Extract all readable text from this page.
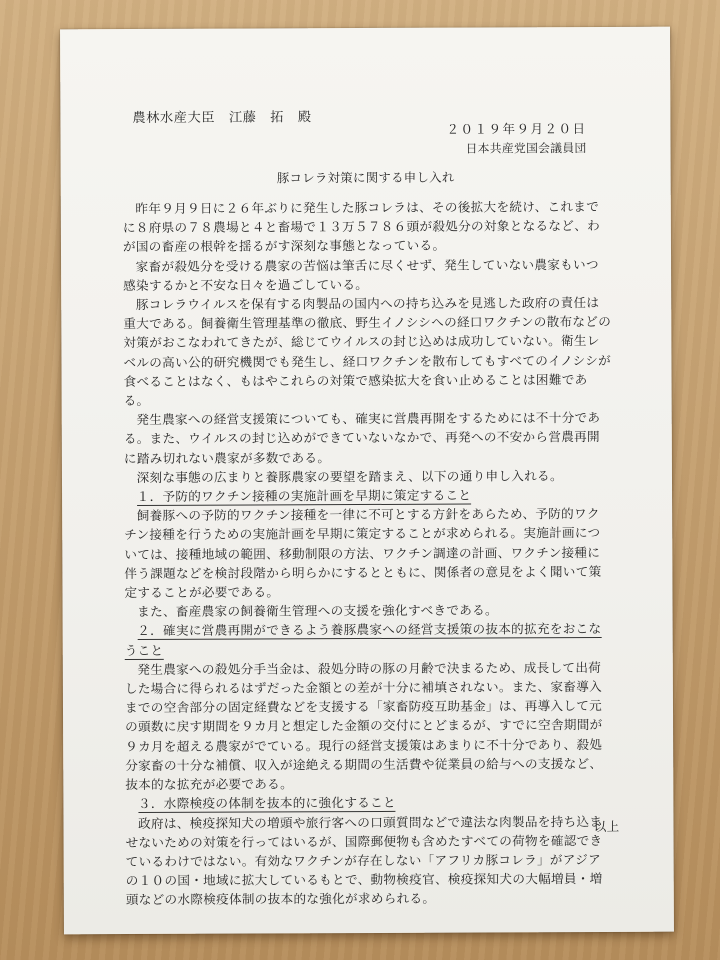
農林水産大臣　江藤　拓　殿
２０１９年９月２０日
日本共産党国会議員団
豚コレラ対策に関する申し入れ

昨年９月９日に２６年ぶりに発生した豚コレラは、その後拡大を続け、これまでに８府県の７８農場と４と畜場で１３万５７８６頭が殺処分の対象となるなど、わが国の畜産の根幹を揺るがす深刻な事態となっている。

家畜が殺処分を受ける農家の苦悩は筆舌に尽くせず、発生していない農家もいつ感染するかと不安な日々を過ごしている。

豚コレラウイルスを保有する肉製品の国内への持ち込みを見逃した政府の責任は重大である。飼養衛生管理基準の徹底、野生イノシシへの経口ワクチンの散布などの対策がおこなわれてきたが、総じてウイルスの封じ込めは成功していない。衛生レベルの高い公的研究機関でも発生し、経口ワクチンを散布してもすべてのイノシシが食べることはなく、もはやこれらの対策で感染拡大を食い止めることは困難である。

発生農家への経営支援策についても、確実に営農再開をするためには不十分である。また、ウイルスの封じ込めができていないなかで、再発への不安から営農再開に踏み切れない農家が多数である。

深刻な事態の広まりと養豚農家の要望を踏まえ、以下の通り申し入れる。

１．予防的ワクチン接種の実施計画を早期に策定すること

飼養豚への予防的ワクチン接種を一律に不可とする方針をあらため、予防的ワクチン接種を行うための実施計画を早期に策定することが求められる。実施計画については、接種地域の範囲、移動制限の方法、ワクチン調達の計画、ワクチン接種に伴う課題などを検討段階から明らかにするとともに、関係者の意見をよく聞いて策定することが必要である。

また、畜産農家の飼養衛生管理への支援を強化すべきである。

２．確実に営農再開ができるよう養豚農家への経営支援策の抜本的拡充をおこなうこと

発生農家への殺処分手当金は、殺処分時の豚の月齢で決まるため、成長して出荷した場合に得られるはずだった金額との差が十分に補填されない。また、家畜導入までの空舎部分の固定経費などを支援する「家畜防疫互助基金」は、再導入して元の頭数に戻す期間を９カ月と想定した金額の交付にとどまるが、すでに空舎期間が９カ月を超える農家がでている。現行の経営支援策はあまりに不十分であり、殺処分家畜の十分な補償、収入が途絶える期間の生活費や従業員の給与への支援など、抜本的な拡充が必要である。

３．水際検疫の体制を抜本的に強化すること

政府は、検疫探知犬の増頭や旅行客への口頭質問などで違法な肉製品を持ち込ませないための対策を行ってはいるが、国際郵便物も含めたすべての荷物を確認できているわけではない。有効なワクチンが存在しない「アフリカ豚コレラ」がアジアの１０の国・地域に拡大しているもとで、動物検疫官、検疫探知犬の大幅増員・増頭などの水際検疫体制の抜本的な強化が求められる。

以上
